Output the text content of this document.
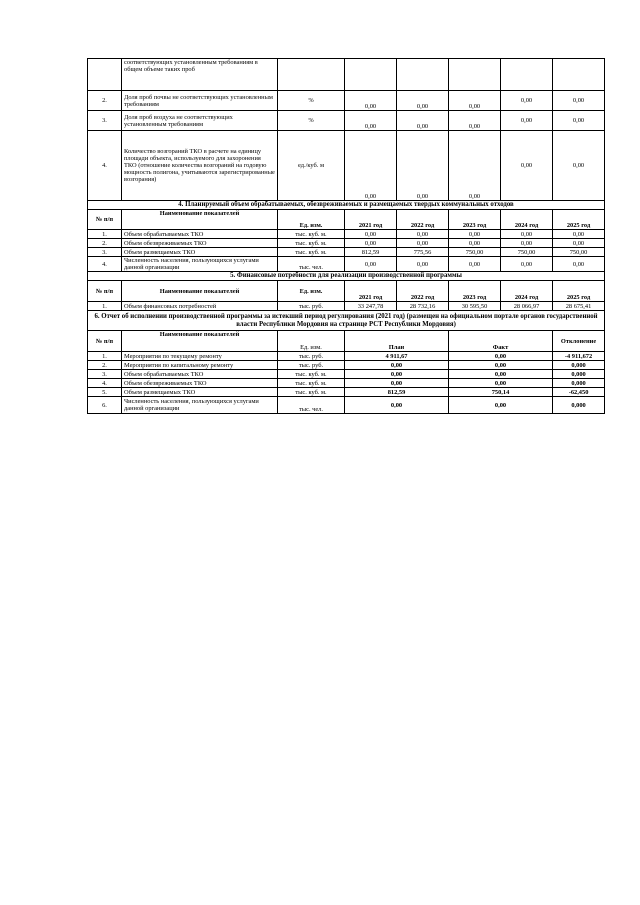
	соответствующих установленным требованиям в общем объеме таких проб						
2.	Доля проб почвы не соответствующих установленным требованиям	%	0,00	0,00	0,00	0,00	0,00
3.	Доля проб воздуха не соответствующих установленным требованиям	%	0,00	0,00	0,00	0,00	0,00
4.	Количество возгораний ТКО в расчете на единицу площади объекта, используемого для захоронения ТКО (отношение количества возгораний на годовую мощность полигона, учитываются зарегистрированные возгорания)	ед./куб. м	0,00	0,00	0,00	0,00	0,00
4. Планируемый объем обрабатываемых, обезвреживаемых и размещаемых твердых коммунальных отходов							
№ п/п	Наименование показателей	Ед. изм.	2021 год	2022 год	2023 год	2024 год	2025 год
1.	Объем обрабатываемых ТКО	тыс. куб. м.	0,00	0,00	0,00	0,00	0,00
2.	Объем обезвреживаемых ТКО	тыс. куб. м.	0,00	0,00	0,00	0,00	0,00
3.	Объем размещаемых ТКО	тыс. куб. м.	812,59	775,56	750,00	750,00	750,00
4.	Численность населения, пользующихся услугами данной организации	тыс. чел.	0,00	0,00	0,00	0,00	0,00
5. Финансовые потребности для реализации производственной программы							
№ п/п	Наименование показателей	Ед. изм.	2021 год	2022 год	2023 год	2024 год	2025 год
1.	Объем финансовых потребностей	тыс. руб.	33 247,78	28 732,16	30 595,50	28 066,97	28 675,41
6. Отчет об исполнении производственной программы за истекший период регулирования (2021 год) (размещен на официальном портале органов государственной власти Республики Мордовия на странице РСТ Республики Мордовия)					
№ п/п	Наименование показателей	Ед. изм.	План	Факт	Отклонение
1.	Мероприятия по текущему ремонту	тыс. руб.	4 911,67	0,00	-4 911,672
2.	Мероприятия по капитальному ремонту	тыс. руб.	0,00	0,00	0,000
3.	Объем обрабатываемых ТКО	тыс. куб. м.	0,00	0,00	0,000
4.	Объем обезвреживаемых ТКО	тыс. куб. м.	0,00	0,00	0,000
5.	Объем размещаемых ТКО	тыс. куб. м.	812,59	750,14	-62,450
6.	Численность населения, пользующихся услугами данной организации	тыс. чел.	0,00	0,00	0,000
